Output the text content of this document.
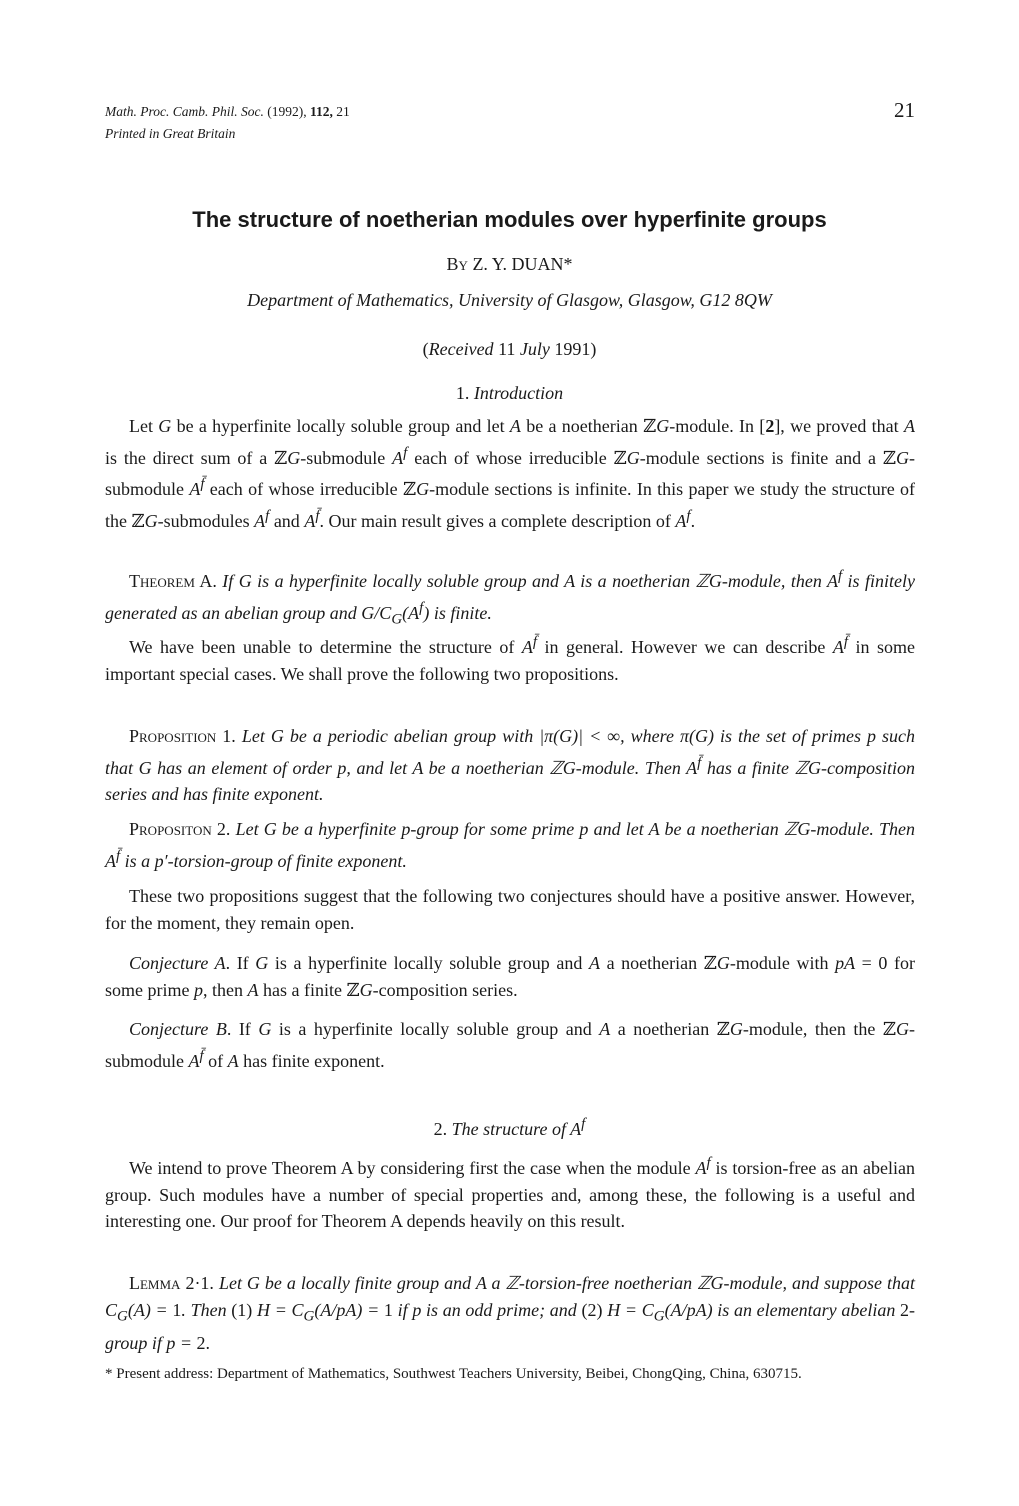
Math. Proc. Camb. Phil. Soc. (1992), 112, 21
Printed in Great Britain
21
The structure of noetherian modules over hyperfinite groups
By Z. Y. DUAN*
Department of Mathematics, University of Glasgow, Glasgow, G12 8QW
(Received 11 July 1991)
1. Introduction

Let G be a hyperfinite locally soluble group and let A be a noetherian ℤG-module. In [2], we proved that A is the direct sum of a ℤG-submodule $A^f$ each of whose irreducible ℤG-module sections is finite and a ℤG-submodule $A^{f̄}$ each of whose irreducible ℤG-module sections is infinite. In this paper we study the structure of the ℤG-submodules $A^f$ and $A^{f̄}$. Our main result gives a complete description of $A^f$.

Theorem A. If G is a hyperfinite locally soluble group and A is a noetherian ℤG-module, then $A^f$ is finitely generated as an abelian group and $G/C_G(A^f)$ is finite.

We have been unable to determine the structure of $A^{f̄}$ in general. However we can describe $A^{f̄}$ in some important special cases. We shall prove the following two propositions.

Proposition 1. Let G be a periodic abelian group with |π(G)| < ∞, where π(G) is the set of primes p such that G has an element of order p, and let A be a noetherian ℤG-module. Then $A^{f̄}$ has a finite ℤG-composition series and has finite exponent.

Propositon 2. Let G be a hyperfinite p-group for some prime p and let A be a noetherian ℤG-module. Then $A^{f̄}$ is a p′-torsion-group of finite exponent.

These two propositions suggest that the following two conjectures should have a positive answer. However, for the moment, they remain open.

Conjecture A. If G is a hyperfinite locally soluble group and A a noetherian ℤG-module with pA = 0 for some prime p, then A has a finite ℤG-composition series.

Conjecture B. If G is a hyperfinite locally soluble group and A a noetherian ℤG-module, then the ℤG-submodule $A^{f̄}$ of A has finite exponent.

2. The structure of $A^f$

We intend to prove Theorem A by considering first the case when the module $A^f$ is torsion-free as an abelian group. Such modules have a number of special properties and, among these, the following is a useful and interesting one. Our proof for Theorem A depends heavily on this result.

Lemma 2·1. Let G be a locally finite group and A a ℤ-torsion-free noetherian ℤG-module, and suppose that $C_G(A) = 1$. Then (1) $H = C_G(A/pA) = 1$ if p is an odd prime; and (2) $H = C_G(A/pA)$ is an elementary abelian 2-group if p = 2.

* Present address: Department of Mathematics, Southwest Teachers University, Beibei, ChongQing, China, 630715.
